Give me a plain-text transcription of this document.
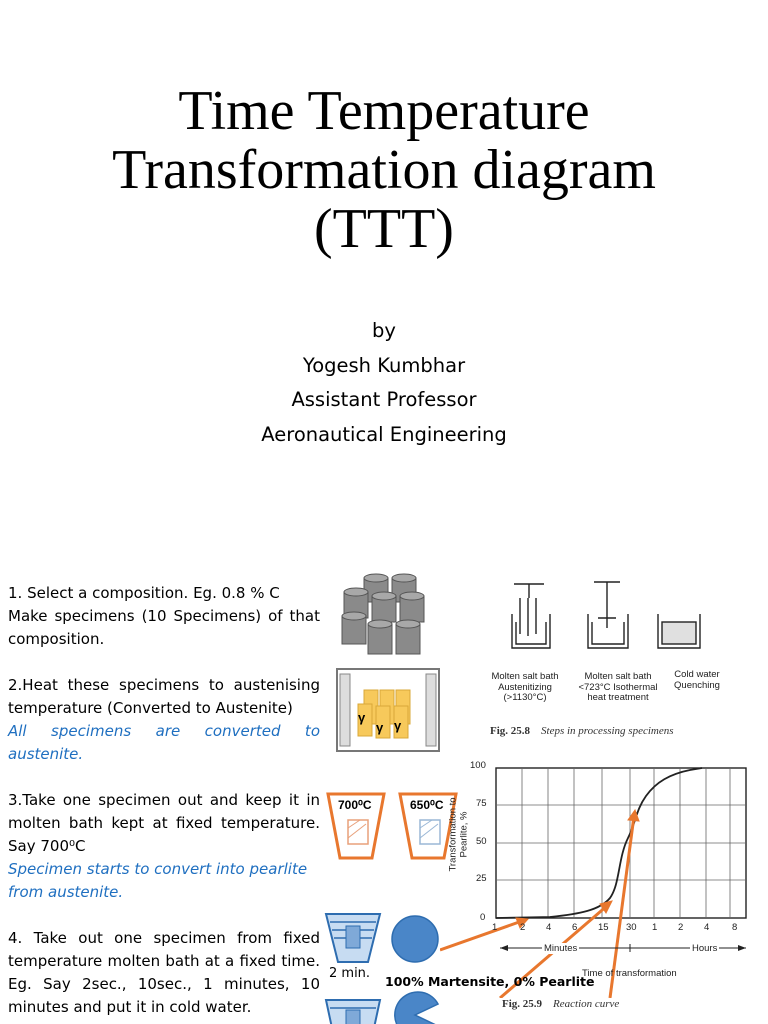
Time Temperature
Transformation diagram
(TTT)
by
Yogesh Kumbhar
Assistant Professor
Aeronautical Engineering

1. Select a composition. Eg. 0.8 % C

Make specimens (10 Specimens) of that composition.

2.Heat these specimens to austenising temperature (Converted to Austenite)

All specimens are converted to austenite.

3.Take one specimen out and keep it in molten bath kept at fixed temperature. Say 700⁰C

Specimen starts to convert into pearlite from austenite.

4. Take out one specimen from fixed temperature molten bath at a fixed time. Eg. Say 2sec., 10sec., 1 minutes, 10 minutes and put it in cold water.

γ
γ γ
700⁰C	650⁰C
2 min.
Molten salt bath Austenitizing (>1130°C)
Molten salt bath <723°C Isothermal heat treatment
Cold water Quenching
Fig. 25.8 Steps in processing specimens
100
75
50
25
0
Transformation to Pearlite, %
1 2 4 6 15 30 1 2 4 8
Minutes	Hours
Time of transformation
Fig. 25.9 Reaction curve
100% Martensite, 0% Pearlite
